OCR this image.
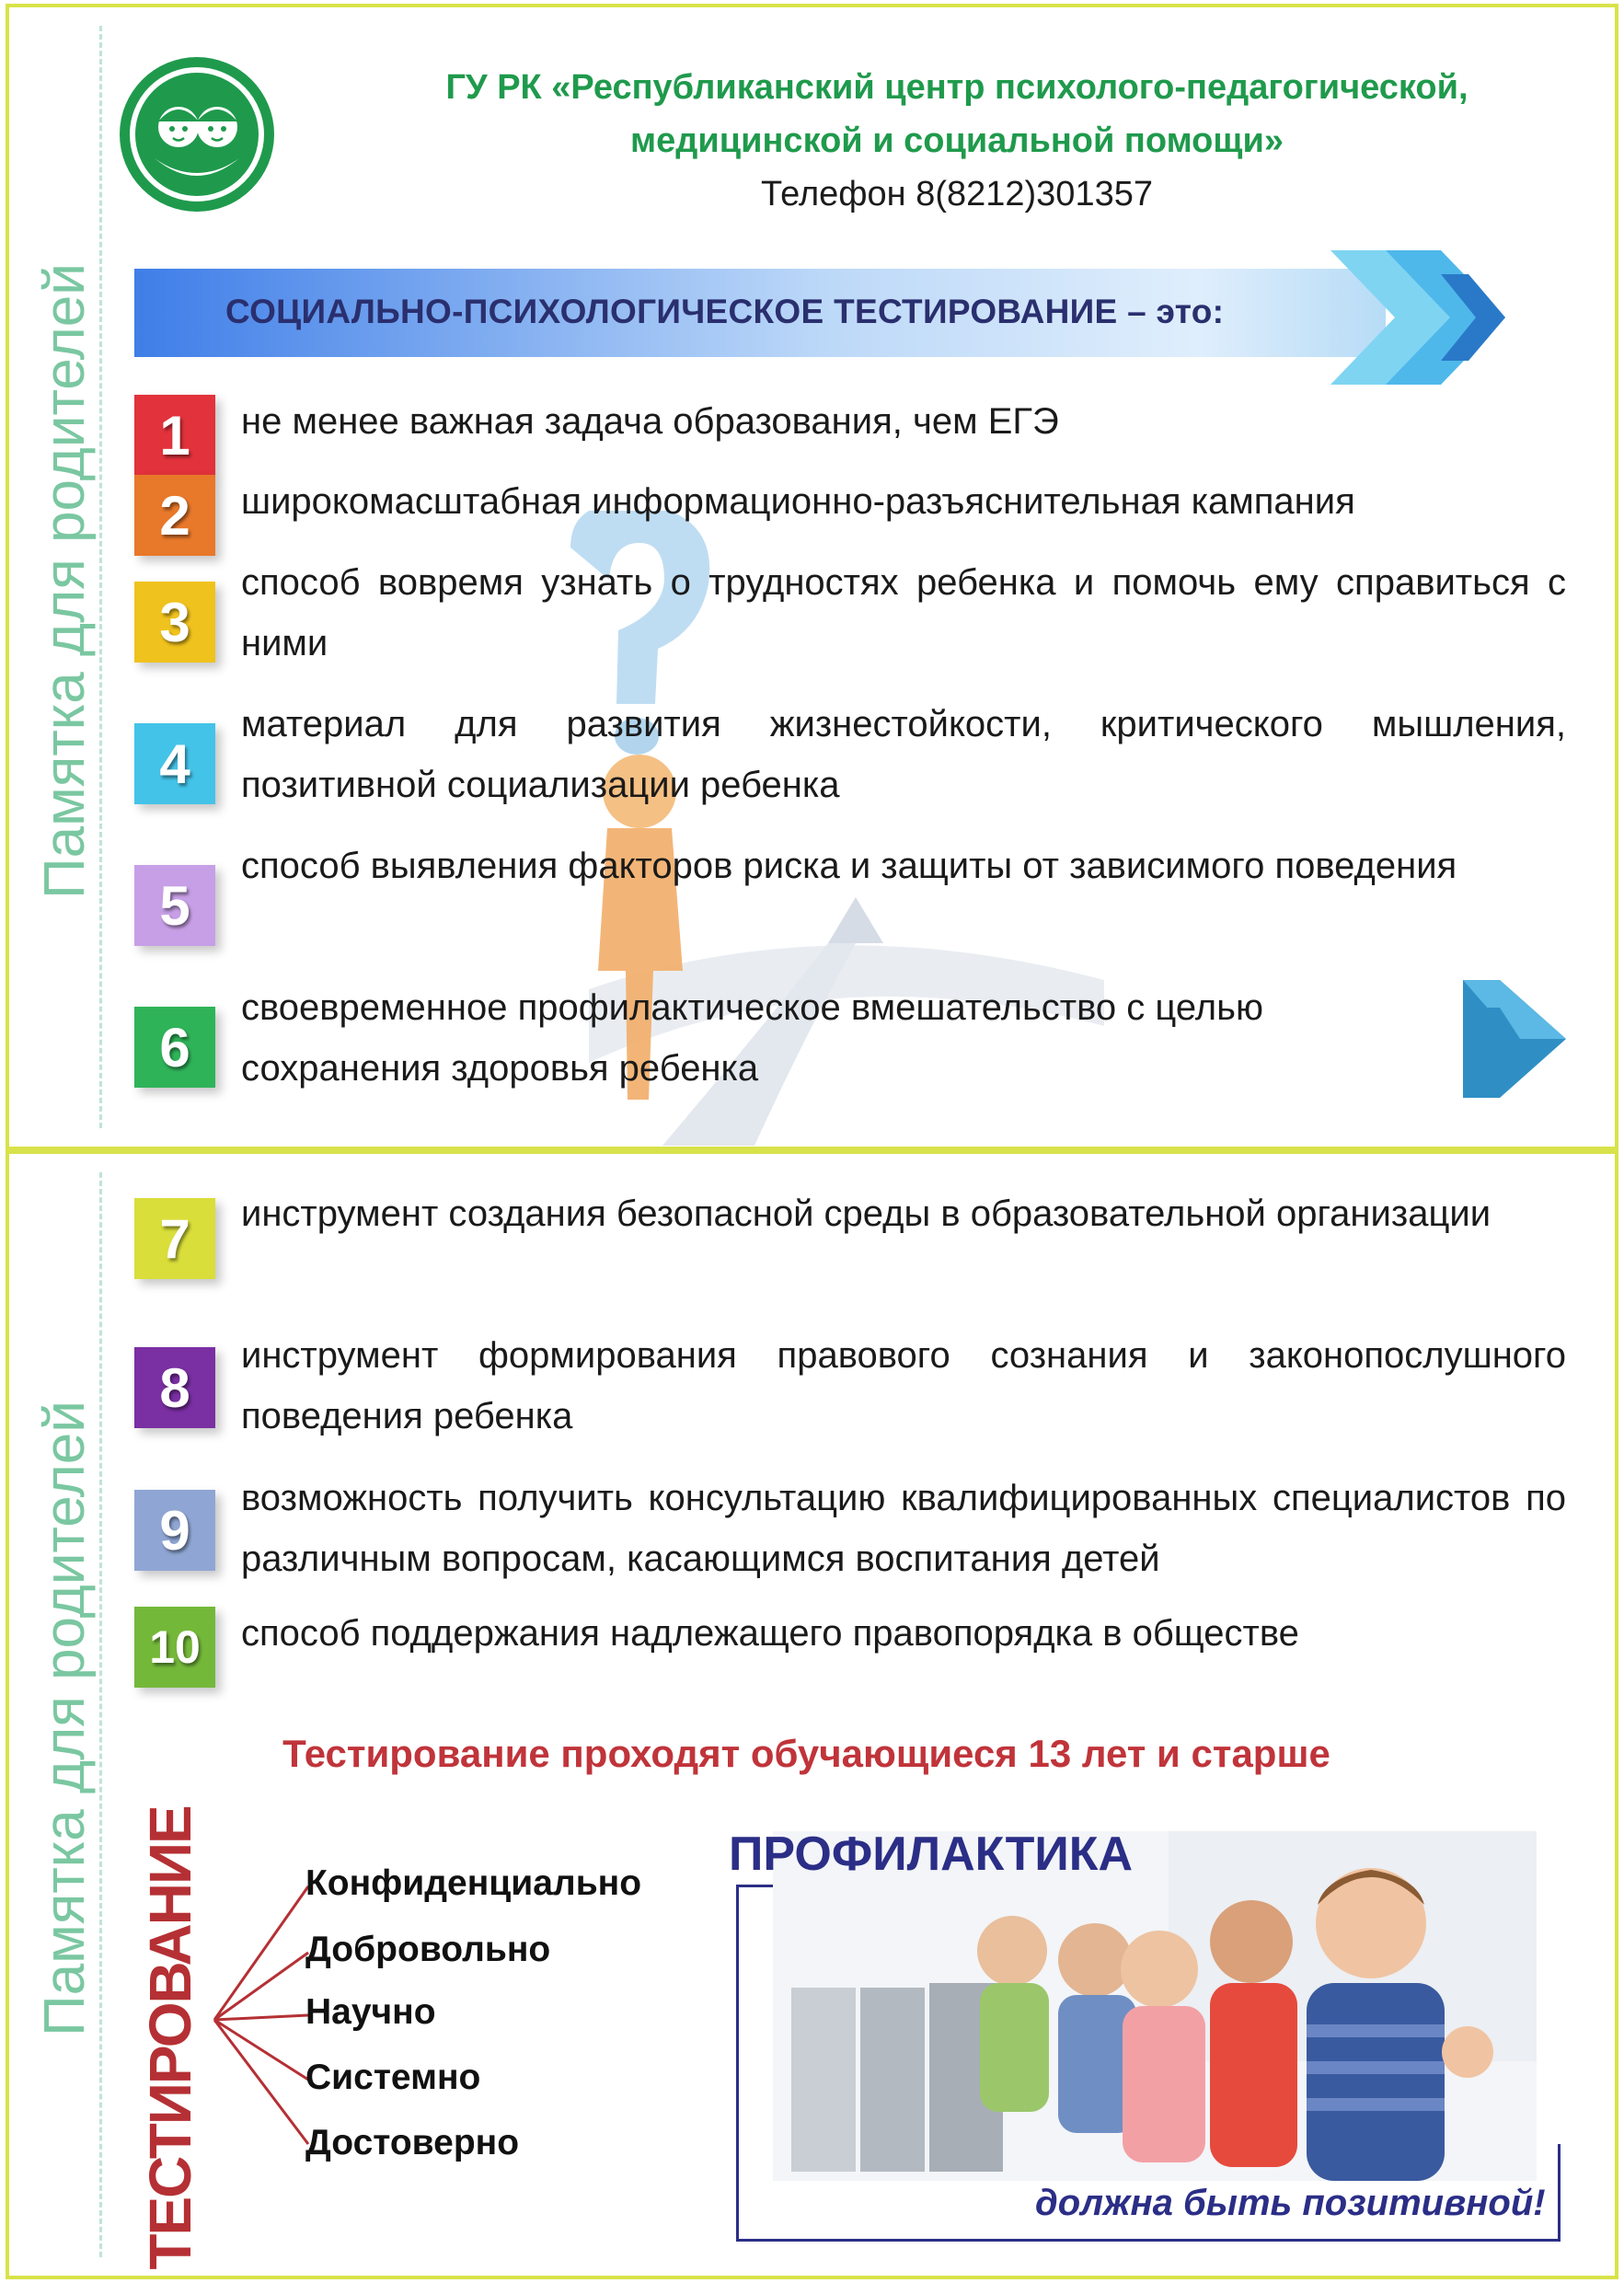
Памятка для родителей
Памятка для родителей
ГУ РК «Республиканский центр психолого-педагогической,
медицинской и социальной помощи»
Телефон 8(8212)301357
СОЦИАЛЬНО-ПСИХОЛОГИЧЕСКОЕ ТЕСТИРОВАНИЕ – это:
1	не менее важная задача образования, чем ЕГЭ
2	широкомасштабная информационно-разъяснительная кампания
3
способ вовремя узнать о трудностях ребенка и помочь ему справиться с ними
4
материал для развития жизнестойкости, критического мышления, позитивной социализации ребенка
5
способ выявления факторов риска и защиты от зависимого поведения
6
своевременное профилактическое вмешательство с целью сохранения здоровья ребенка
7	инструмент создания безопасной среды в образовательной организации
8
инструмент формирования правового сознания и законопослушного поведения ребенка
9
возможность получить консультацию квалифицированных специалистов по различным вопросам, касающимся воспитания детей
10	способ поддержания надлежащего правопорядка в обществе
Тестирование проходят обучающиеся 13 лет и старше
ТЕСТИРОВАНИЕ	Конфиденциально
Добровольно
Научно
Системно
Достоверно
ПРОФИЛАКТИКА
должна быть позитивной!
